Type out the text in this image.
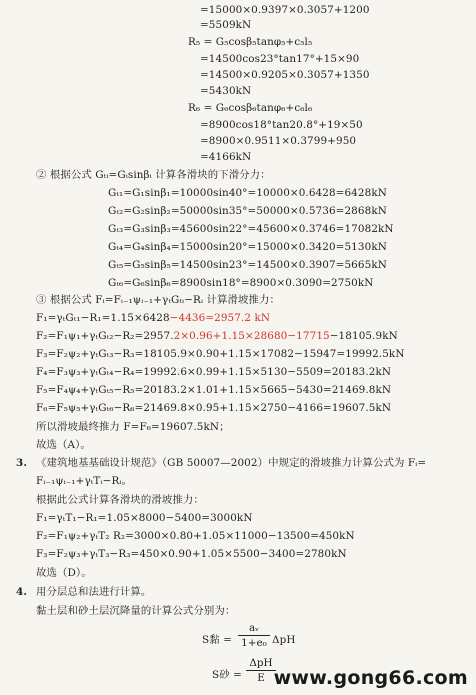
=15000×0.9397×0.3057+1200
=5509kN
R₅ = G₅cosβ₅tanφ₅+c₅l₅
=14500cos23°tan17°+15×90
=14500×0.9205×0.3057+1350
=5430kN
R₆ = G₆cosβ₆tanφ₆+c₆l₆
=8900cos18°tan20.8°+19×50
=8900×0.9511×0.3799+950
=4166kN
② 根据公式 Gₜᵢ=Gᵢsinβᵢ 计算各滑块的下滑分力：
Gₜ₁=G₁sinβ₁=10000sin40°=10000×0.6428=6428kN
Gₜ₂=G₂sinβ₂=50000sin35°=50000×0.5736=2868kN
Gₜ₃=G₃sinβ₃=45600sin22°=45600×0.3746=17082kN
Gₜ₄=G₄sinβ₄=15000sin20°=15000×0.3420=5130kN
Gₜ₅=G₅sinβ₅=14500sin23°=14500×0.3907=5665kN
Gₜ₆=G₆sinβ₆=8900sin18°=8900×0.3090=2750kN
③ 根据公式 Fᵢ=Fᵢ₋₁ψᵢ₋₁+γₜGₜᵢ−Rᵢ 计算滑坡推力：
F₁=γₜGₜ₁−R₁=1.15×6428−4436=2957.2 kN
F₂=F₁ψ₁+γₜGₜ₂−R₂=2957.2×0.96+1.15×28680−17715−18105.9kN
F₃=F₂ψ₂+γₜGₜ₃−R₃=18105.9×0.90+1.15×17082−15947=19992.5kN
F₄=F₃ψ₃+γₜGₜ₄−R₄=19992.6×0.99+1.15×5130−5509=20183.2kN
F₅=F₄ψ₄+γₜGₜ₅−R₅=20183.2×1.01+1.15×5665−5430=21469.8kN
F₆=F₅ψ₅+γₜGₜ₆−R₆=21469.8×0.95+1.15×2750−4166=19607.5kN
所以滑坡最终推力 F=F₆=19607.5kN；
故选（A）。
3. 《建筑地基基础设计规范》（GB 50007—2002）中规定的滑坡推力计算公式为 Fᵢ=
Fᵢ₋₁ψᵢ₋₁+γₜTᵢ−Rᵢ。
根据此公式计算各滑块的滑坡推力：
F₁=γₜT₁−R₁=1.05×8000−5400=3000kN
F₂=F₁ψ₂+γₜT₂ R₂=3000×0.80+1.05×11000−13500=450kN
F₃=F₂ψ₃+γₜT₃−R₃=450×0.90+1.05×5500−3400=2780kN
故选（D）。
4. 用分层总和法进行计算。
黏土层和砂土层沉降量的计算公式分别为：
S黏 =
aᵥ
1+e₀ ΔpH
S砂 =
ΔpH
E www.gong66.com
